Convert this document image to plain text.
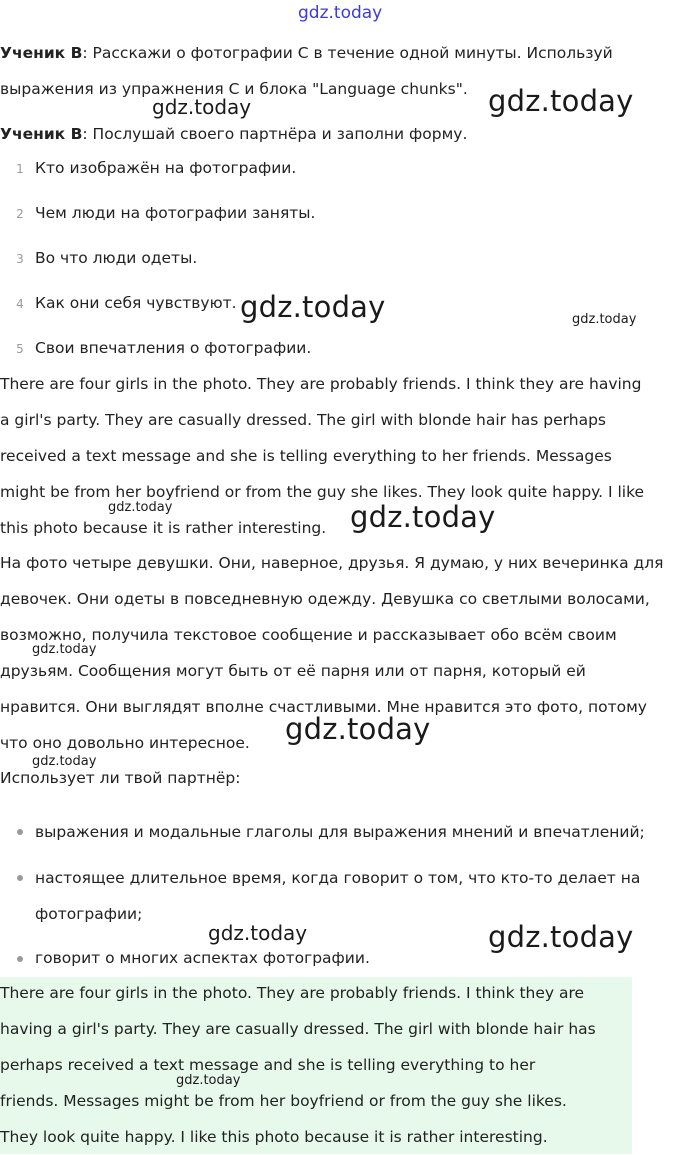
gdz.today
Ученик В: Расскажи о фотографии С в течение одной минуты. Используй
выражения из упражнения С и блока "Language chunks".
Ученик В: Послушай своего партнёра и заполни форму.
1 Кто изображён на фотографии.
2 Чем люди на фотографии заняты.
3 Во что люди одеты.
4 Как они себя чувствуют.
5 Свои впечатления о фотографии.
There are four girls in the photo. They are probably friends. I think they are having
a girl's party. They are casually dressed. The girl with blonde hair has perhaps
received a text message and she is telling everything to her friends. Messages
might be from her boyfriend or from the guy she likes. They look quite happy. I like
this photo because it is rather interesting.
На фото четыре девушки. Они, наверное, друзья. Я думаю, у них вечеринка для
девочек. Они одеты в повседневную одежду. Девушка со светлыми волосами,
возможно, получила текстовое сообщение и рассказывает обо всём своим
друзьям. Сообщения могут быть от её парня или от парня, который ей
нравится. Они выглядят вполне счастливыми. Мне нравится это фото, потому
что оно довольно интересное.
Использует ли твой партнёр:
выражения и модальные глаголы для выражения мнений и впечатлений;
настоящее длительное время, когда говорит о том, что кто-то делает на
фотографии;
говорит о многих аспектах фотографии.
There are four girls in the photo. They are probably friends. I think they are
having a girl's party. They are casually dressed. The girl with blonde hair has
perhaps received a text message and she is telling everything to her
friends. Messages might be from her boyfriend or from the guy she likes.
They look quite happy. I like this photo because it is rather interesting.
gdz.today
gdz.today
gdz.today	gdz.today
gdz.today	gdz.today
gdz.today
gdz.today
gdz.today
gdz.today	gdz.today
gdz.today
